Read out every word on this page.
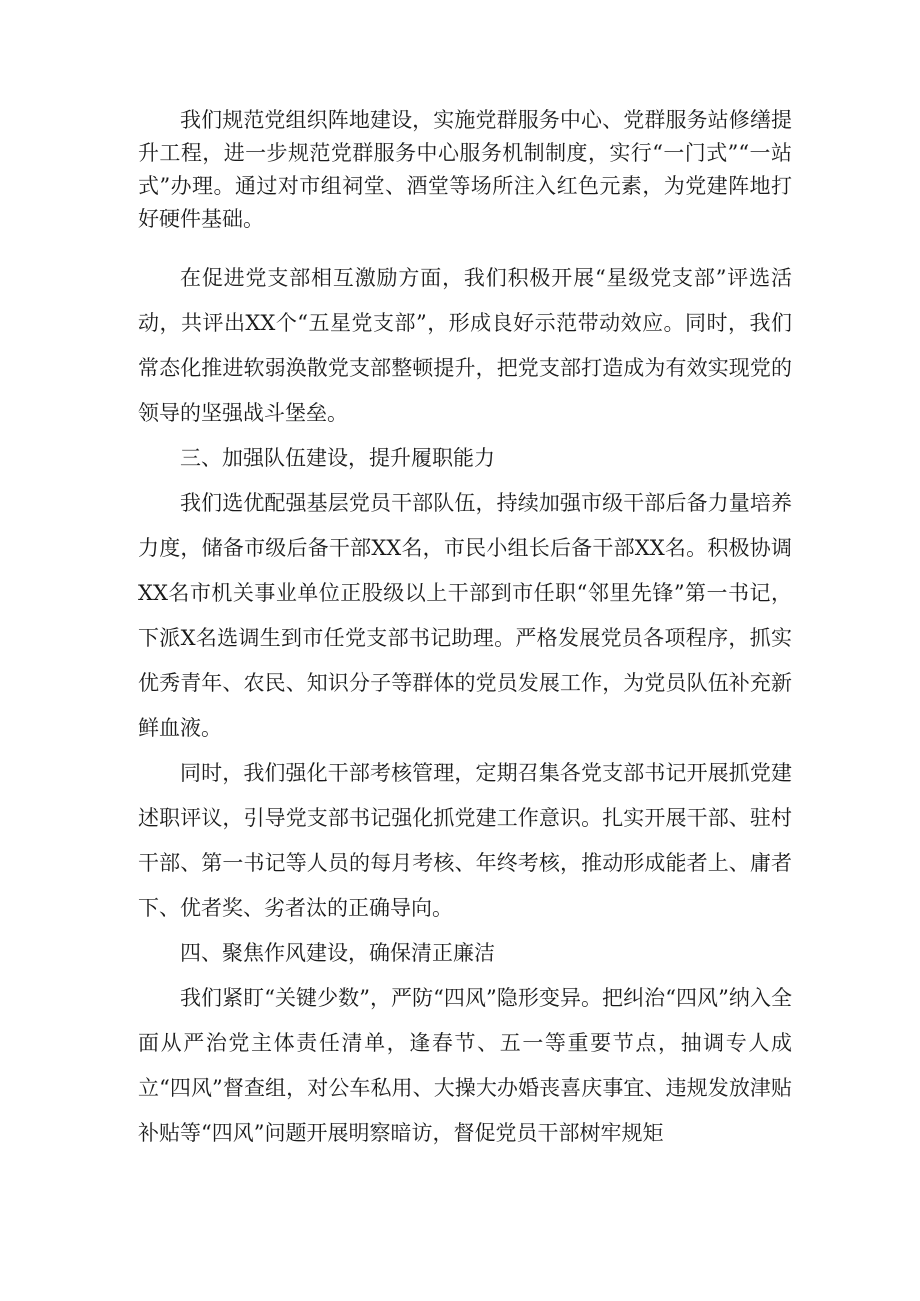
我们规范党组织阵地建设，实施党群服务中心、党群服务站修缮提升工程，进一步规范党群服务中心服务机制制度，实行“一门式”“一站式”办理。通过对市组祠堂、酒堂等场所注入红色元素，为党建阵地打好硬件基础。

在促进党支部相互激励方面，我们积极开展“星级党支部”评选活动，共评出XX个“五星党支部”，形成良好示范带动效应。同时，我们常态化推进软弱涣散党支部整顿提升，把党支部打造成为有效实现党的领导的坚强战斗堡垒。

三、加强队伍建设，提升履职能力

我们选优配强基层党员干部队伍，持续加强市级干部后备力量培养力度，储备市级后备干部XX名，市民小组长后备干部XX名。积极协调XX名市机关事业单位正股级以上干部到市任职“邻里先锋”第一书记，下派X名选调生到市任党支部书记助理。严格发展党员各项程序，抓实优秀青年、农民、知识分子等群体的党员发展工作，为党员队伍补充新鲜血液。

同时，我们强化干部考核管理，定期召集各党支部书记开展抓党建述职评议，引导党支部书记强化抓党建工作意识。扎实开展干部、驻村干部、第一书记等人员的每月考核、年终考核，推动形成能者上、庸者下、优者奖、劣者汰的正确导向。

四、聚焦作风建设，确保清正廉洁

我们紧盯“关键少数”，严防“四风”隐形变异。把纠治“四风”纳入全面从严治党主体责任清单，逢春节、五一等重要节点，抽调专人成立“四风”督查组，对公车私用、大操大办婚丧喜庆事宜、违规发放津贴补贴等“四风”问题开展明察暗访，督促党员干部树牢规矩
